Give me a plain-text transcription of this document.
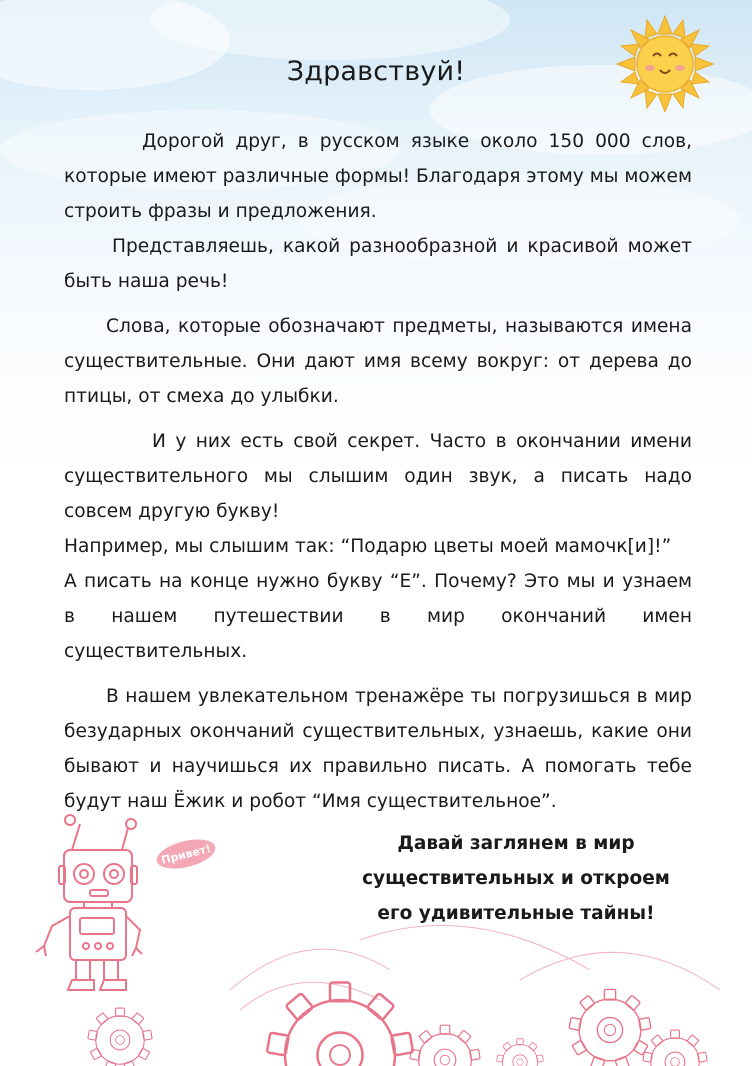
Здравствуй!

Дорогой друг, в русском языке около 150 000 слов, которые имеют различные формы! Благодаря этому мы можем строить фразы и предложения.

Представляешь, какой разнообразной и красивой может быть наша речь!

Слова, которые обозначают предметы, называются имена существительные. Они дают имя всему вокруг: от дерева до птицы, от смеха до улыбки.

И у них есть свой секрет. Часто в окончании имени существительного мы слышим один звук, а писать надо совсем другую букву!

Например, мы слышим так: “Подарю цветы моей мамочк[и]!”

А писать на конце нужно букву “Е”. Почему? Это мы и узнаем в нашем путешествии в мир окончаний имен существительных.

В нашем увлекательном тренажёре ты погрузишься в мир безударных окончаний существительных, узнаешь, какие они бывают и научишься их правильно писать. А помогать тебе будут наш Ёжик и робот “Имя существительное”.

Давай заглянем в мир
существительных и откроем
его удивительные тайны!
Привет!
